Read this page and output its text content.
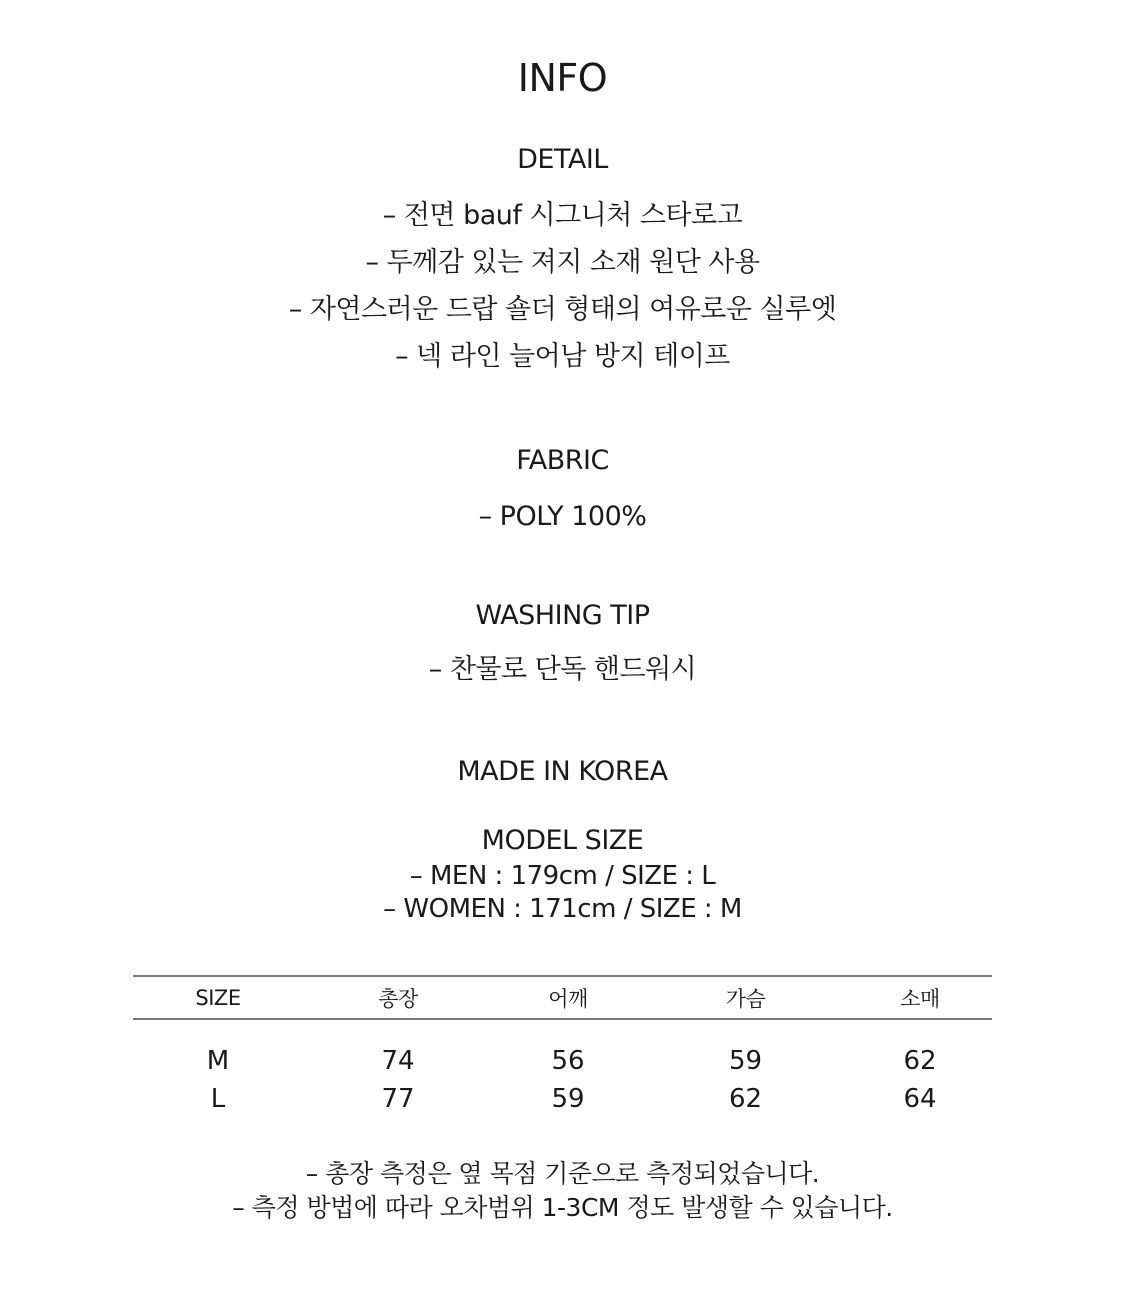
INFO
DETAIL
– 전면 bauf 시그니처 스타로고
– 두께감 있는 져지 소재 원단 사용
– 자연스러운 드랍 숄더 형태의 여유로운 실루엣
– 넥 라인 늘어남 방지 테이프
FABRIC
– POLY 100%
WASHING TIP
– 찬물로 단독 핸드워시
MADE IN KOREA
MODEL SIZE
– MEN : 179cm / SIZE : L
– WOMEN : 171cm / SIZE : M
SIZE	총장	어깨	가슴	소매
M	74	56	59	62
L	77	59	62	64
– 총장 측정은 옆 목점 기준으로 측정되었습니다.
– 측정 방법에 따라 오차범위 1-3CM 정도 발생할 수 있습니다.
